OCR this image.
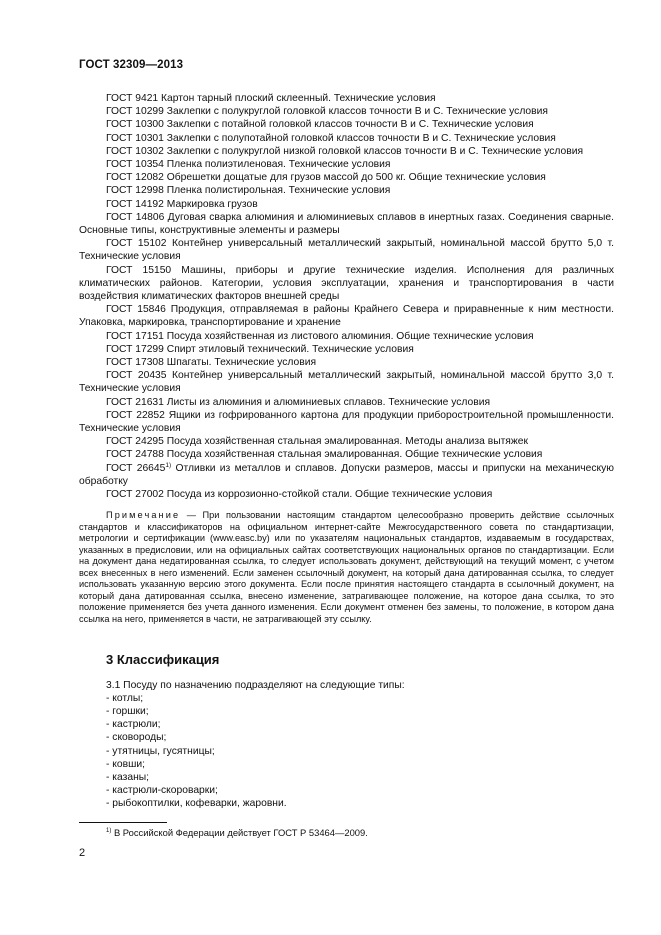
ГОСТ 32309—2013

ГОСТ 9421 Картон тарный плоский склеенный. Технические условия

ГОСТ 10299 Заклепки с полукруглой головкой классов точности В и С. Технические условия

ГОСТ 10300 Заклепки с потайной головкой классов точности В и С. Технические условия

ГОСТ 10301 Заклепки с полупотайной головкой классов точности В и С. Технические условия

ГОСТ 10302 Заклепки с полукруглой низкой головкой классов точности В и С. Технические условия

ГОСТ 10354 Пленка полиэтиленовая. Технические условия

ГОСТ 12082 Обрешетки дощатые для грузов массой до 500 кг. Общие технические условия

ГОСТ 12998 Пленка полистирольная. Технические условия

ГОСТ 14192 Маркировка грузов

ГОСТ 14806 Дуговая сварка алюминия и алюминиевых сплавов в инертных газах. Соединения сварные. Основные типы, конструктивные элементы и размеры

ГОСТ 15102 Контейнер универсальный металлический закрытый, номинальной массой брутто 5,0 т. Технические условия

ГОСТ 15150 Машины, приборы и другие технические изделия. Исполнения для различных климатических районов. Категории, условия эксплуатации, хранения и транспортирования в части воздействия климатических факторов внешней среды

ГОСТ 15846 Продукция, отправляемая в районы Крайнего Севера и приравненные к ним местности. Упаковка, маркировка, транспортирование и хранение

ГОСТ 17151 Посуда хозяйственная из листового алюминия. Общие технические условия

ГОСТ 17299 Спирт этиловый технический. Технические условия

ГОСТ 17308 Шпагаты. Технические условия

ГОСТ 20435 Контейнер универсальный металлический закрытый, номинальной массой брутто 3,0 т. Технические условия

ГОСТ 21631 Листы из алюминия и алюминиевых сплавов. Технические условия

ГОСТ 22852 Ящики из гофрированного картона для продукции приборостроительной промышленности. Технические условия

ГОСТ 24295 Посуда хозяйственная стальная эмалированная. Методы анализа вытяжек

ГОСТ 24788 Посуда хозяйственная стальная эмалированная. Общие технические условия

ГОСТ 26645$^{1)}$ Отливки из металлов и сплавов. Допуски размеров, массы и припуски на механическую обработку

ГОСТ 27002 Посуда из коррозионно-стойкой стали. Общие технические условия

Примечание — При пользовании настоящим стандартом целесообразно проверить действие ссылочных стандартов и классификаторов на официальном интернет-сайте Межгосударственного совета по стандартизации, метрологии и сертификации (www.easc.by) или по указателям национальных стандартов, издаваемым в государствах, указанных в предисловии, или на официальных сайтах соответствующих национальных органов по стандартизации. Если на документ дана недатированная ссылка, то следует использовать документ, действующий на текущий момент, с учетом всех внесенных в него изменений. Если заменен ссылочный документ, на который дана датированная ссылка, то следует использовать указанную версию этого документа. Если после принятия настоящего стандарта в ссылочный документ, на который дана датированная ссылка, внесено изменение, затрагивающее положение, на которое дана ссылка, то это положение применяется без учета данного изменения. Если документ отменен без замены, то положение, в котором дана ссылка на него, применяется в части, не затрагивающей эту ссылку.

3 Классификация
3.1 Посуду по назначению подразделяют на следующие типы:
- котлы;
- горшки;
- кастрюли;
- сковороды;
- утятницы, гусятницы;
- ковши;
- казаны;
- кастрюли-скороварки;
- рыбокоптилки, кофеварки, жаровни.
$^{1)}$ В Российской Федерации действует ГОСТ Р 53464—2009.
2
